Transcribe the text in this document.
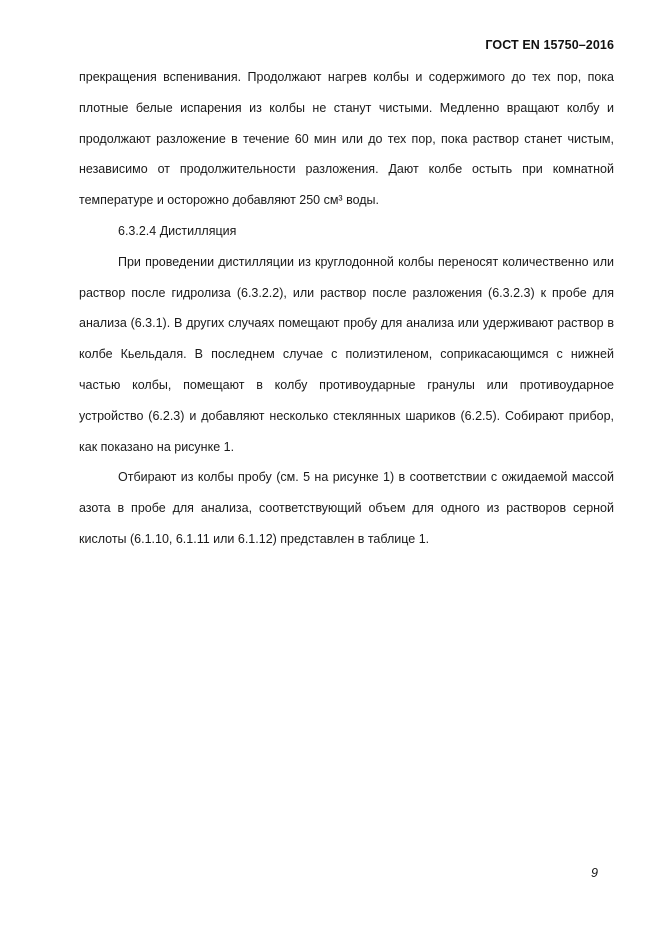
ГОСТ EN 15750–2016

прекращения вспенивания. Продолжают нагрев колбы и содержимого до тех пор, пока плотные белые испарения из колбы не станут чистыми. Медленно вращают колбу и продолжают разложение в течение 60 мин или до тех пор, пока раствор станет чистым, независимо от продолжительности разложения. Дают колбе остыть при комнатной температуре и осторожно добавляют 250 см³ воды.

6.3.2.4 Дистилляция

При проведении дистилляции из круглодонной колбы переносят количественно или раствор после гидролиза (6.3.2.2), или раствор после разложения (6.3.2.3) к пробе для анализа (6.3.1). В других случаях помещают пробу для анализа или удерживают раствор в колбе Кьельдаля. В последнем случае с полиэтиленом, соприкасающимся с нижней частью колбы, помещают в колбу противоударные гранулы или противоударное устройство (6.2.3) и добавляют несколько стеклянных шариков (6.2.5). Собирают прибор, как показано на рисунке 1.

Отбирают из колбы пробу (см. 5 на рисунке 1) в соответствии с ожидаемой массой азота в пробе для анализа, соответствующий объем для одного из растворов серной кислоты (6.1.10, 6.1.11 или 6.1.12) представлен в таблице 1.

9
